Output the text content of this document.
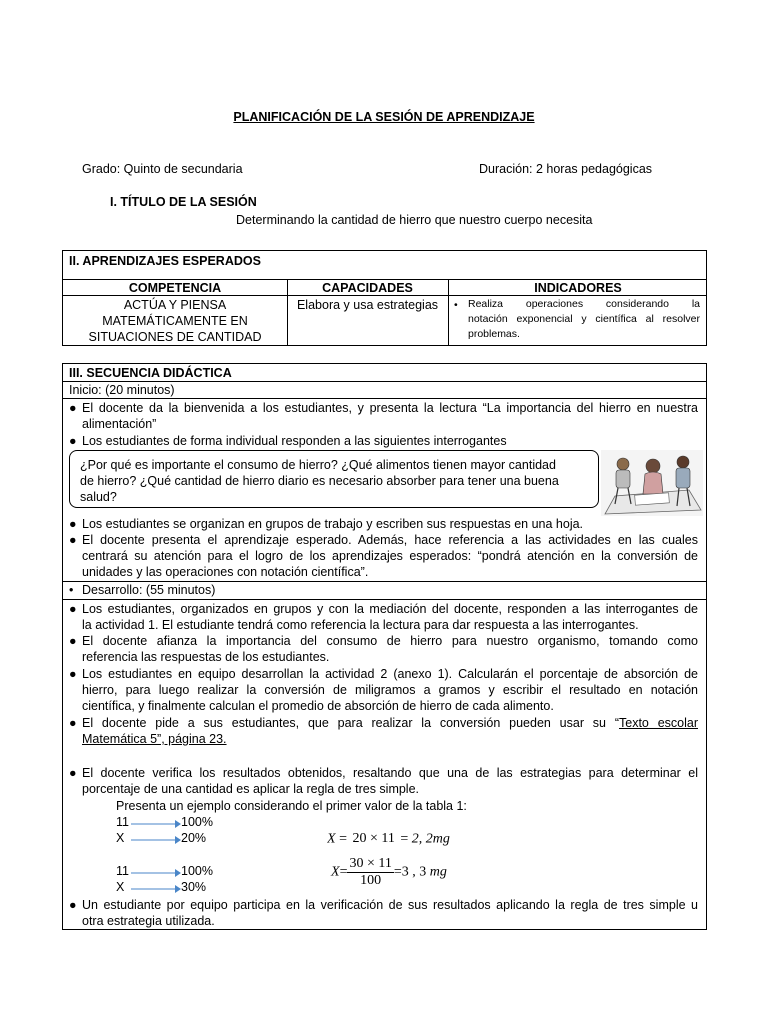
PLANIFICACIÓN DE LA SESIÓN DE APRENDIZAJE
Grado: Quinto de secundaria	Duración: 2 horas pedagógicas
I. TÍTULO DE LA SESIÓN
Determinando la cantidad de hierro que nuestro cuerpo necesita
II. APRENDIZAJES ESPERADOS
COMPETENCIA	CAPACIDADES	INDICADORES
ACTÚA Y PIENSA
MATEMÁTICAMENTE EN
SITUACIONES DE CANTIDAD
Elabora y usa estrategias	• Realiza operaciones considerando la
notación exponencial y científica al resolver
problemas.
III. SECUENCIA DIDÁCTICA
Inicio: (20 minutos)
● El docente da la bienvenida a los estudiantes, y presenta la lectura “La importancia del hierro en nuestra
alimentación”
● Los estudiantes de forma individual responden a las siguientes interrogantes
¿Por qué es importante el consumo de hierro? ¿Qué alimentos tienen mayor cantidad
de hierro? ¿Qué cantidad de hierro diario es necesario absorber para tener una buena
salud?
● Los estudiantes se organizan en grupos de trabajo y escriben sus respuestas en una hoja.
● El docente presenta el aprendizaje esperado. Además, hace referencia a las actividades en las cuales
centrará su atención para el logro de los aprendizajes esperados: “pondrá atención en la conversión de
unidades y las operaciones con notación científica”.
• Desarrollo: (55 minutos)
● Los estudiantes, organizados en grupos y con la mediación del docente, responden a las interrogantes de
la actividad 1. El estudiante tendrá como referencia la lectura para dar respuesta a las interrogantes.
● El docente afianza la importancia del consumo de hierro para nuestro organismo, tomando como
referencia las respuestas de los estudiantes.
● Los estudiantes en equipo desarrollan la actividad 2 (anexo 1). Calcularán el porcentaje de absorción de
hierro, para luego realizar la conversión de miligramos a gramos y escribir el resultado en notación
científica, y finalmente calculan el promedio de absorción de hierro de cada alimento.
● El docente pide a sus estudiantes, que para realizar la conversión pueden usar su “Texto escolar
Matemática 5”, página 23.
● El docente verifica los resultados obtenidos, resaltando que una de las estrategias para determinar el
porcentaje de una cantidad es aplicar la regla de tres simple.
Presenta un ejemplo considerando el primer valor de la tabla 1:
11	100%
X	20%	X = 20 × 11 = 2, 2mg
11	100%
X	30%
$X= \frac{30 \times 11}{100} =3$ , 3 mg
● Un estudiante por equipo participa en la verificación de sus resultados aplicando la regla de tres simple u
otra estrategia utilizada.
